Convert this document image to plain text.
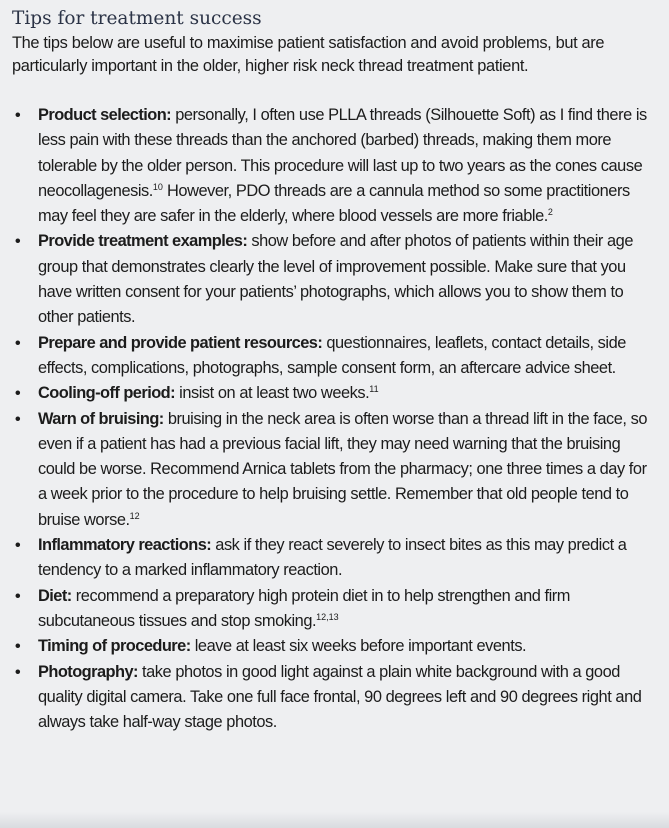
Tips for treatment success

The tips below are useful to maximise patient satisfaction and avoid problems, but are particularly important in the older, higher risk neck thread treatment patient.

• Product selection: personally, I often use PLLA threads (Silhouette Soft) as I find there is less pain with these threads than the anchored (barbed) threads, making them more tolerable by the older person. This procedure will last up to two years as the cones cause neocollagenesis.$^{10}$ However, PDO threads are a cannula method so some practitioners may feel they are safer in the elderly, where blood vessels are more friable.$^2$
• Provide treatment examples: show before and after photos of patients within their age group that demonstrates clearly the level of improvement possible. Make sure that you have written consent for your patients’ photographs, which allows you to show them to other patients.
• Prepare and provide patient resources: questionnaires, leaflets, contact details, side effects, complications, photographs, sample consent form, an aftercare advice sheet.
• Cooling-off period: insist on at least two weeks.$^{11}$
• Warn of bruising: bruising in the neck area is often worse than a thread lift in the face, so even if a patient has had a previous facial lift, they may need warning that the bruising could be worse. Recommend Arnica tablets from the pharmacy; one three times a day for a week prior to the procedure to help bruising settle. Remember that old people tend to bruise worse.$^{12}$
• Inflammatory reactions: ask if they react severely to insect bites as this may predict a tendency to a marked inflammatory reaction.
• Diet: recommend a preparatory high protein diet in to help strengthen and firm subcutaneous tissues and stop smoking.$^{12,13}$
• Timing of procedure: leave at least six weeks before important events.
• Photography: take photos in good light against a plain white background with a good quality digital camera. Take one full face frontal, 90 degrees left and 90 degrees right and always take half-way stage photos.
